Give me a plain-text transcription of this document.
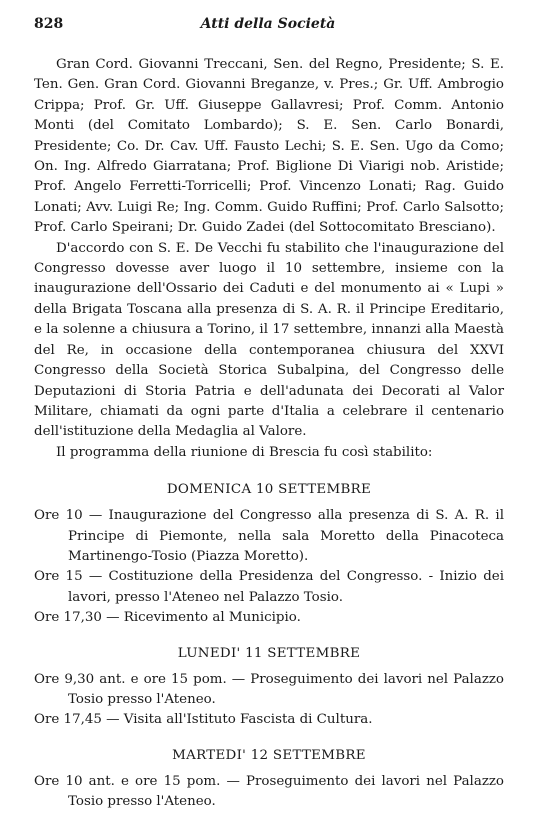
828	Atti della Società

Gran Cord. Giovanni Treccani, Sen. del Regno, Presidente; S. E. Ten. Gen. Gran Cord. Giovanni Breganze, v. Pres.; Gr. Uff. Ambrogio Crippa; Prof. Gr. Uff. Giuseppe Gallavresi; Prof. Comm. Antonio Monti (del Comitato Lombardo); S. E. Sen. Carlo Bonardi, Presidente; Co. Dr. Cav. Uff. Fausto Lechi; S. E. Sen. Ugo da Como; On. Ing. Alfredo Giarratana; Prof. Biglione Di Viarigi nob. Aristide; Prof. Angelo Ferretti-Torricelli; Prof. Vincenzo Lonati; Rag. Guido Lonati; Avv. Luigi Re; Ing. Comm. Guido Ruffini; Prof. Carlo Salsotto; Prof. Carlo Speirani; Dr. Guido Zadei (del Sottocomitato Bresciano).

D'accordo con S. E. De Vecchi fu stabilito che l'inaugurazione del Congresso dovesse aver luogo il 10 settembre, insieme con la inaugurazione dell'Ossario dei Caduti e del monumento ai « Lupi » della Brigata Toscana alla presenza di S. A. R. il Principe Ereditario, e la solenne a chiusura a Torino, il 17 settembre, innanzi alla Maestà del Re, in occasione della contemporanea chiusura del XXVI Congresso della Società Storica Subalpina, del Congresso delle Deputazioni di Storia Patria e dell'adunata dei Decorati al Valor Militare, chiamati da ogni parte d'Italia a celebrare il centenario dell'istituzione della Medaglia al Valore.

Il programma della riunione di Brescia fu così stabilito:

DOMENICA 10 SETTEMBRE

Ore 10 — Inaugurazione del Congresso alla presenza di S. A. R. il Principe di Piemonte, nella sala Moretto della Pinacoteca Martinengo-Tosio (Piazza Moretto).

Ore 15 — Costituzione della Presidenza del Congresso. - Inizio dei lavori, presso l'Ateneo nel Palazzo Tosio.

Ore 17,30 — Ricevimento al Municipio.

LUNEDI' 11 SETTEMBRE

Ore 9,30 ant. e ore 15 pom. — Proseguimento dei lavori nel Palazzo Tosio presso l'Ateneo.

Ore 17,45 — Visita all'Istituto Fascista di Cultura.

MARTEDI' 12 SETTEMBRE

Ore 10 ant. e ore 15 pom. — Proseguimento dei lavori nel Palazzo Tosio presso l'Ateneo.
